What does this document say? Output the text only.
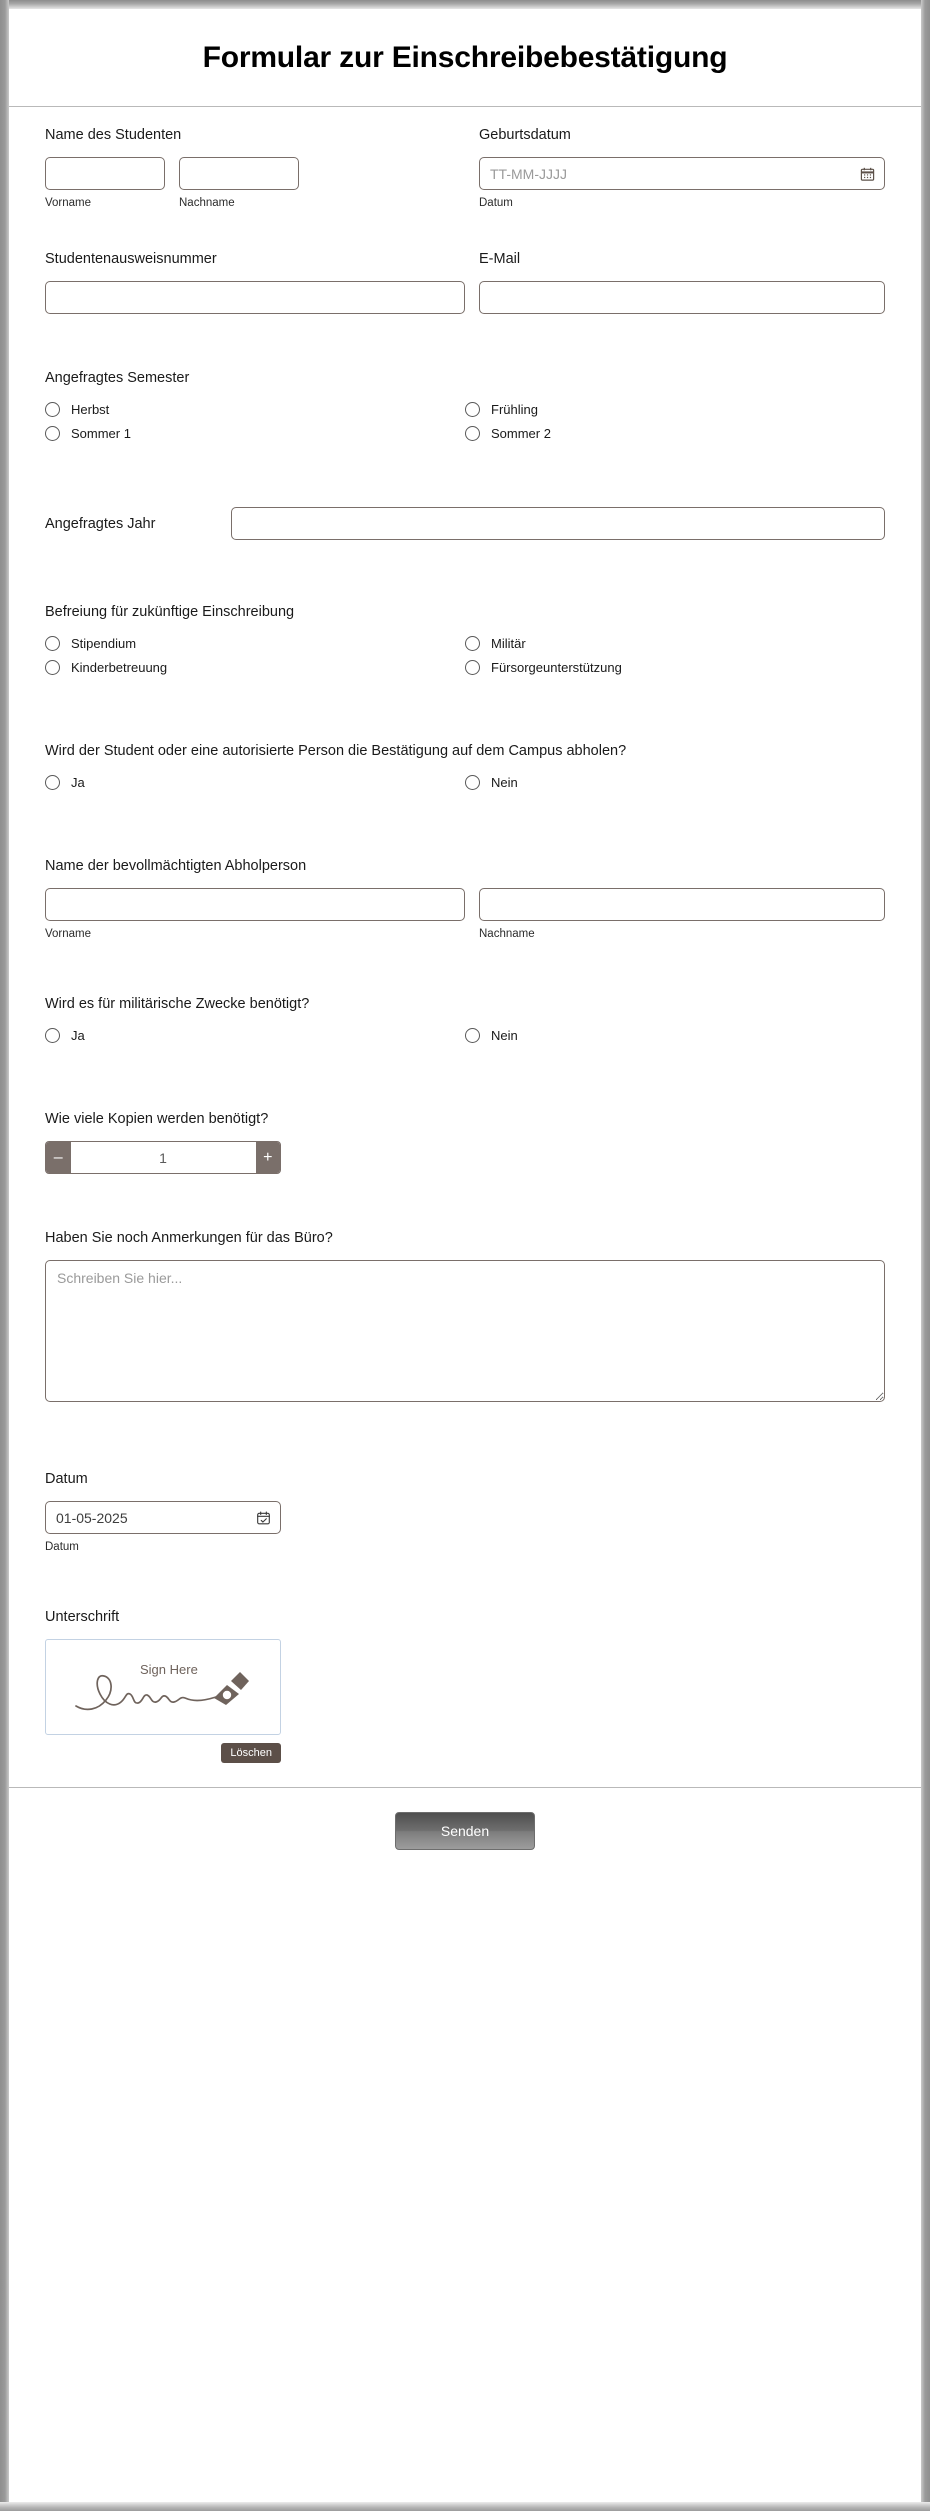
Formular zur Einschreibebestätigung
Name des Studenten
Vorname	Nachname
Geburtsdatum
TT-MM-JJJJ
Datum
Studentenausweisnummer	E-Mail
Angefragtes Semester
Herbst	Frühling
Sommer 1	Sommer 2
Angefragtes Jahr
Befreiung für zukünftige Einschreibung
Stipendium	Militär
Kinderbetreuung	Fürsorgeunterstützung
Wird der Student oder eine autorisierte Person die Bestätigung auf dem Campus abholen?
Ja	Nein
Name der bevollmächtigten Abholperson
Vorname	Nachname
Wird es für militärische Zwecke benötigt?
Ja	Nein
Wie viele Kopien werden benötigt?
–
1	+
Haben Sie noch Anmerkungen für das Büro?
Schreiben Sie hier...
Datum
01-05-2025
Datum
Unterschrift
Sign Here
Löschen
Senden
